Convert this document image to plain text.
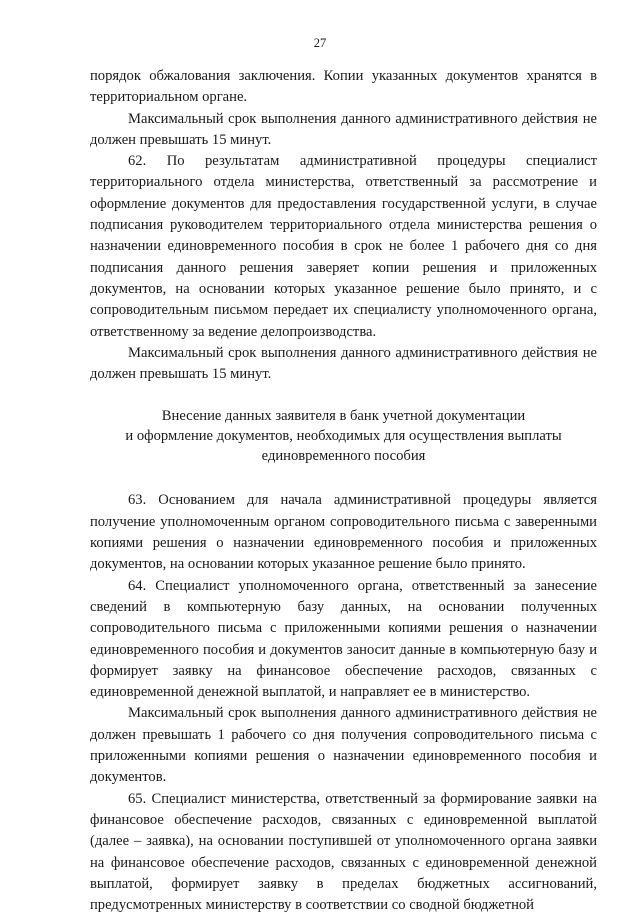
27

порядок обжалования заключения. Копии указанных документов хранятся в территориальном органе.

Максимальный срок выполнения данного административного действия не должен превышать 15 минут.

62. По результатам административной процедуры специалист территориального отдела министерства, ответственный за рассмотрение и оформление документов для предоставления государственной услуги, в случае подписания руководителем территориального отдела министерства решения о назначении единовременного пособия в срок не более 1 рабочего дня со дня подписания данного решения заверяет копии решения и приложенных документов, на основании которых указанное решение было принято, и с сопроводительным письмом передает их специалисту уполномоченного органа, ответственному за ведение делопроизводства.

Максимальный срок выполнения данного административного действия не должен превышать 15 минут.

Внесение данных заявителя в банк учетной документации
и оформление документов, необходимых для осуществления выплаты
единовременного пособия

63. Основанием для начала административной процедуры является получение уполномоченным органом сопроводительного письма с заверенными копиями решения о назначении единовременного пособия и приложенных документов, на основании которых указанное решение было принято.

64. Специалист уполномоченного органа, ответственный за занесение сведений в компьютерную базу данных, на основании полученных сопроводительного письма с приложенными копиями решения о назначении единовременного пособия и документов заносит данные в компьютерную базу и формирует заявку на финансовое обеспечение расходов, связанных с единовременной денежной выплатой, и направляет ее в министерство.

Максимальный срок выполнения данного административного действия не должен превышать 1 рабочего со дня получения сопроводительного письма с приложенными копиями решения о назначении единовременного пособия и документов.

65. Специалист министерства, ответственный за формирование заявки на финансовое обеспечение расходов, связанных с единовременной выплатой (далее – заявка), на основании поступившей от уполномоченного органа заявки на финансовое обеспечение расходов, связанных с единовременной денежной выплатой, формирует заявку в пределах бюджетных ассигнований, предусмотренных министерству в соответствии со сводной бюджетной
